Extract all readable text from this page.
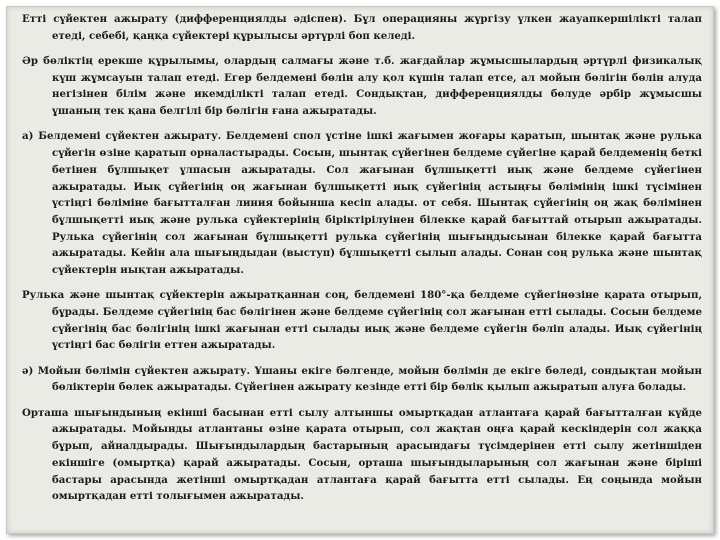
Етті сүйектен ажырату (дифференциялды әдіспен). Бұл операцияны жүргізу үлкен жауапкершілікті талап етеді, себебі, қаңқа сүйектері құрылысы әртүрлі боп келеді.

Әр бөліктің ерекше құрылымы, олардың салмағы және т.б. жағдайлар жұмысшылардың әртүрлі физикалық күш жұмсауын талап етеді. Егер белдемені бөлін алу қол күшін талап етсе, ал мойын бөлігін бөлін алуда негізінен білім және икемділікті талап етеді. Сондықтан, дифференциялды бөлуде әрбір жұмысшы ұшаның тек қана белгілі бір бөлігін ғана ажыратады.

а) Белдемені сүйектен ажырату. Белдемені спол үстіне ішкі жағымен жоғары қаратып, шынтақ және рулька сүйегін өзіне қаратып орналастырады. Сосын, шынтақ сүйегінен белдеме сүйегіне қарай белдеменің беткі бетінен бұлшықет ұлпасын ажыратады. Сол жағынан бұлшықетті иық және белдеме сүйегінен ажыратады. Иық сүйегінің оң жағынан бұлшықетті иық сүйегінің астыңғы бөлімінің ішкі түсімінен үстіңгі бөліміне бағытталған линия бойынша кесіп алады. от себя. Шынтақ сүйегінің оң жақ бөлімінен бұлшықетті иық және рулька сүйектерінің біріктірілуінен білекке қарай бағыттай отырып ажыратады. Рулька сүйегінің сол жағынан бұлшықетті рулька сүйегінің шығыңдысынан білекке қарай бағытта ажыратады. Кейін ала шығыңдыдан (выступ) бұлшықетті сылып алады. Сонан соң рулька және шынтақ сүйектерін иықтан ажыратады.

Рулька және шынтақ сүйектерін ажыратқаннан соң, белдемені 180°-қа белдеме сүйегінөзіне қарата отырып, бұрады. Белдеме сүйегінің бас бөлігінен және белдеме сүйегінің сол жағынан етті сылады. Сосын белдеме сүйегінің бас бөлігінің ішкі жағынан етті сылады иық және белдеме сүйегін бөліп алады. Иық сүйегінің үстіңгі бас бөлігін еттен ажыратады.

ә) Мойын бөлімін сүйектен ажырату. Ұшаны екіге бөлгенде, мойын бөлімін де екіге бөледі, сондықтан мойын бөліктерін бөлек ажыратады. Сүйегінен ажырату кезінде етті бір бөлік қылып ажыратып алуға болады.

Орташа шығындының екінші басынан етті сылу алтыншы омыртқадан атлантаға қарай бағытталған күйде ажыратады. Мойынды атлантаны өзіне қарата отырып, сол жақтан оңға қарай кескіндерін сол жаққа бұрып, айналдырады. Шығындылардың бастарының арасындағы түсімдерінен етті сылу жетіншіден екіншіге (омыртқа) қарай ажыратады. Сосын, орташа шығындыларының сол жағынан және біріші бастары арасында жетінші омыртқадан атлантаға қарай бағытта етті сылады. Ең соңында мойын омыртқадан етті толығымен ажыратады.
